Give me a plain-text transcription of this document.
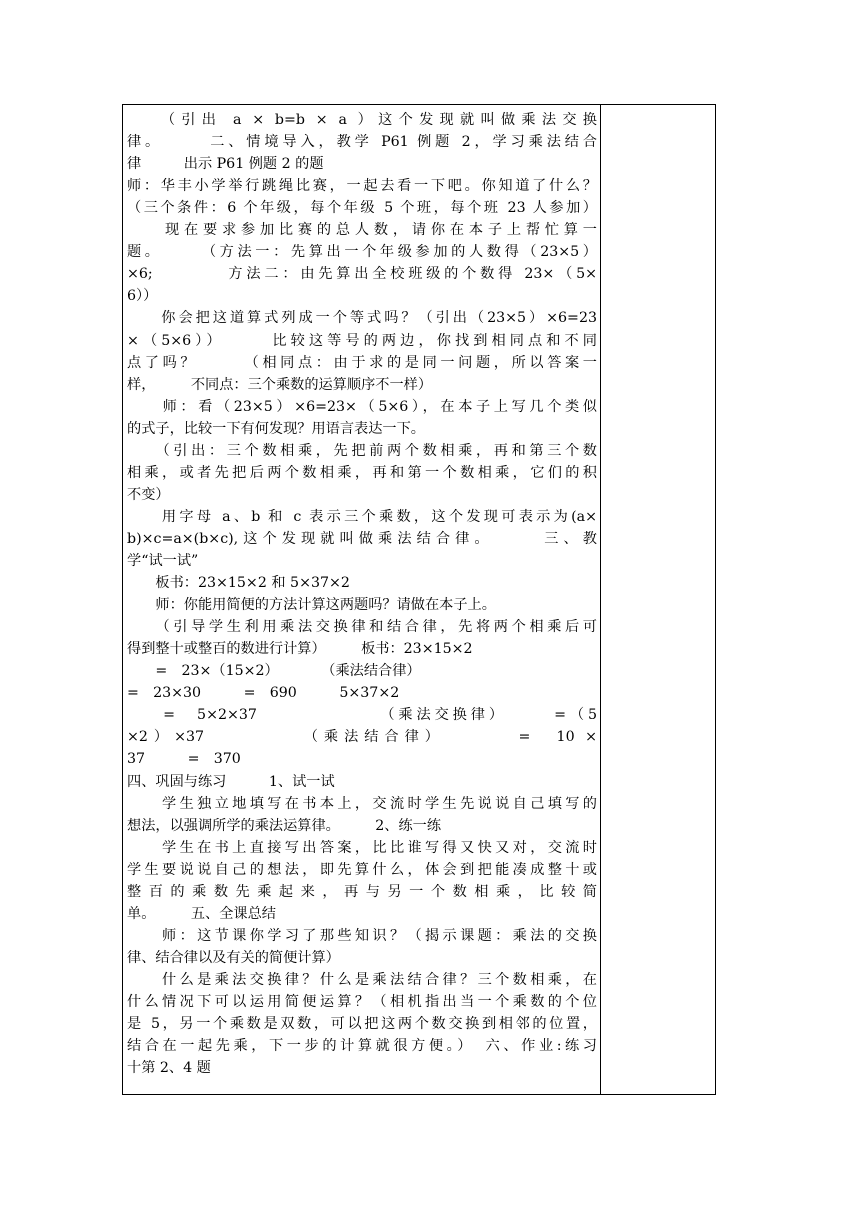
　　（引出 a × b=b × a ）这个发现就叫做乘法交换
律。　　　二、情境导入，教学 P61 例题 2，学习乘法结合
律　　　出示 P61 例题 2 的题
师：华丰小学举行跳绳比赛，一起去看一下吧。你知道了什么？
（三个条件：6 个年级，每个年级 5 个班，每个班 23 人参加）
　　现在要求参加比赛的总人数，请你在本子上帮忙算一
题。　　　（方法一：先算出一个年级参加的人数得（23×5）
×6;　　　　方法二：由先算出全校班级的个数得 23×（5×
6））
　　你会把这道算式列成一个等式吗？（引出（23×5）×6=23
×（5×6））　　　比较这等号的两边，你找到相同点和不同
点了吗？　　　（相同点：由于求的是同一问题，所以答案一
样，　　　不同点：三个乘数的运算顺序不一样）
　　师：看（23×5）×6=23×（5×6），在本子上写几个类似
的式子，比较一下有何发现？用语言表达一下。
　　（引出：三个数相乘，先把前两个数相乘，再和第三个数
相乘，或者先把后两个数相乘，再和第一个数相乘，它们的积
不变）
　　用字母 a、b 和 c 表示三个乘数，这个发现可表示为(a×
b)×c=a×(b×c),这个发现就叫做乘法结合律。　　　三、教
学“试一试”
　　板书：23×15×2 和 5×37×2
　　师：你能用简便的方法计算这两题吗？请做在本子上。
　　（引导学生利用乘法交换律和结合律，先将两个相乘后可
得到整十或整百的数进行计算）　　　板书：23×15×2
　　=　23×（15×2）　　　　（乘法结合律）
=　23×30　　　=　690　　　5×37×2
　　=　5×2×37　　　　　　　（乘法交换律）　　　=（5
×2）×37　　　　　（乘法结合律）　　　　=　10 ×
37　　　=　370
四、巩固与练习　　　1、试一试
　　学生独立地填写在书本上，交流时学生先说说自己填写的
想法，以强调所学的乘法运算律。　　　2、练一练
　　学生在书上直接写出答案，比比谁写得又快又对，交流时
学生要说说自己的想法，即先算什么，体会到把能凑成整十或
整百的乘数先乘起来，再与另一个数相乘，比较简
单。　　　五、全课总结
　　师：这节课你学习了那些知识？（揭示课题：乘法的交换
律、结合律以及有关的简便计算）
　　什么是乘法交换律？什么是乘法结合律？三个数相乘，在
什么情况下可以运用简便运算？（相机指出当一个乘数的个位
是 5，另一个乘数是双数，可以把这两个数交换到相邻的位置，
结合在一起先乘，下一步的计算就很方便。）　六、作业:练习
十第 2、4 题
